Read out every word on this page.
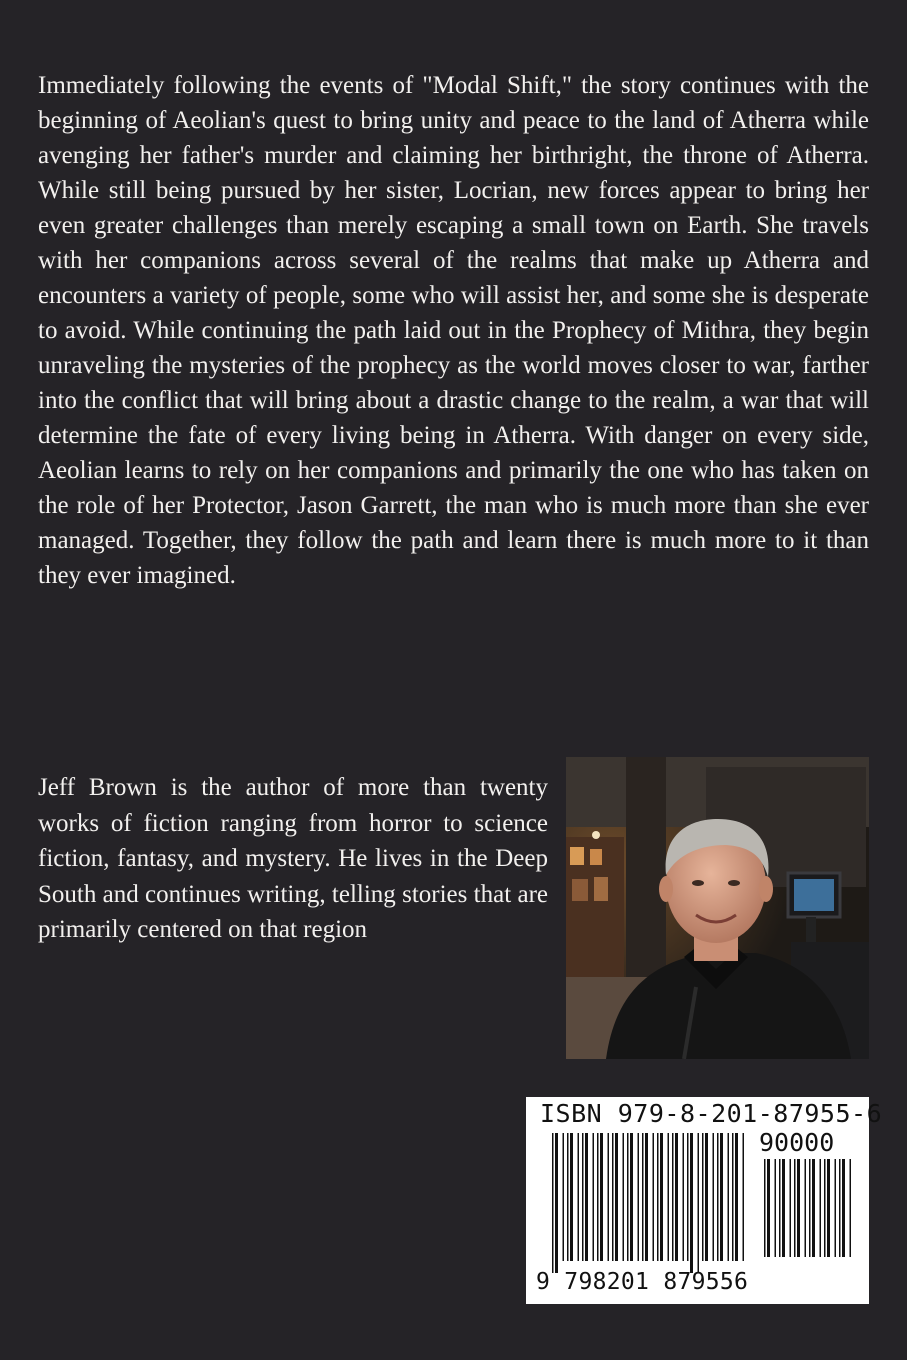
Immediately following the events of "Modal Shift," the story continues with the beginning of Aeolian's quest to bring unity and peace to the land of Atherra while avenging her father's murder and claiming her birthright, the throne of Atherra. While still being pursued by her sister, Locrian, new forces appear to bring her even greater challenges than merely escaping a small town on Earth. She travels with her companions across several of the realms that make up Atherra and encounters a variety of people, some who will assist her, and some she is desperate to avoid. While continuing the path laid out in the Prophecy of Mithra, they begin unraveling the mysteries of the prophecy as the world moves closer to war, farther into the conflict that will bring about a drastic change to the realm, a war that will determine the fate of every living being in Atherra. With danger on every side, Aeolian learns to rely on her companions and primarily the one who has taken on the role of her Protector, Jason Garrett, the man who is much more than she ever managed. Together, they follow the path and learn there is much more to it than they ever imagined.

Jeff Brown is the author of more than twenty works of fiction ranging from horror to science fiction, fantasy, and mystery. He lives in the Deep South and continues writing, telling stories that are primarily centered on that region

ISBN 979-8-201-87955-6
90000
9 798201 879556
